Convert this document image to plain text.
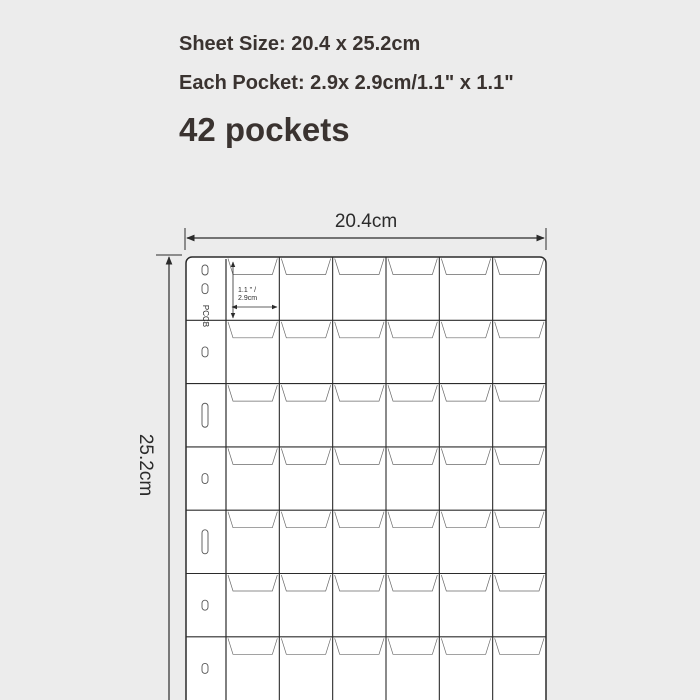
Sheet Size: 20.4 x 25.2cm
Each Pocket: 2.9x 2.9cm/1.1" x 1.1"
42 pockets
20.4cm
25.2cm
PCCB
1.1 " /
2.9cm
